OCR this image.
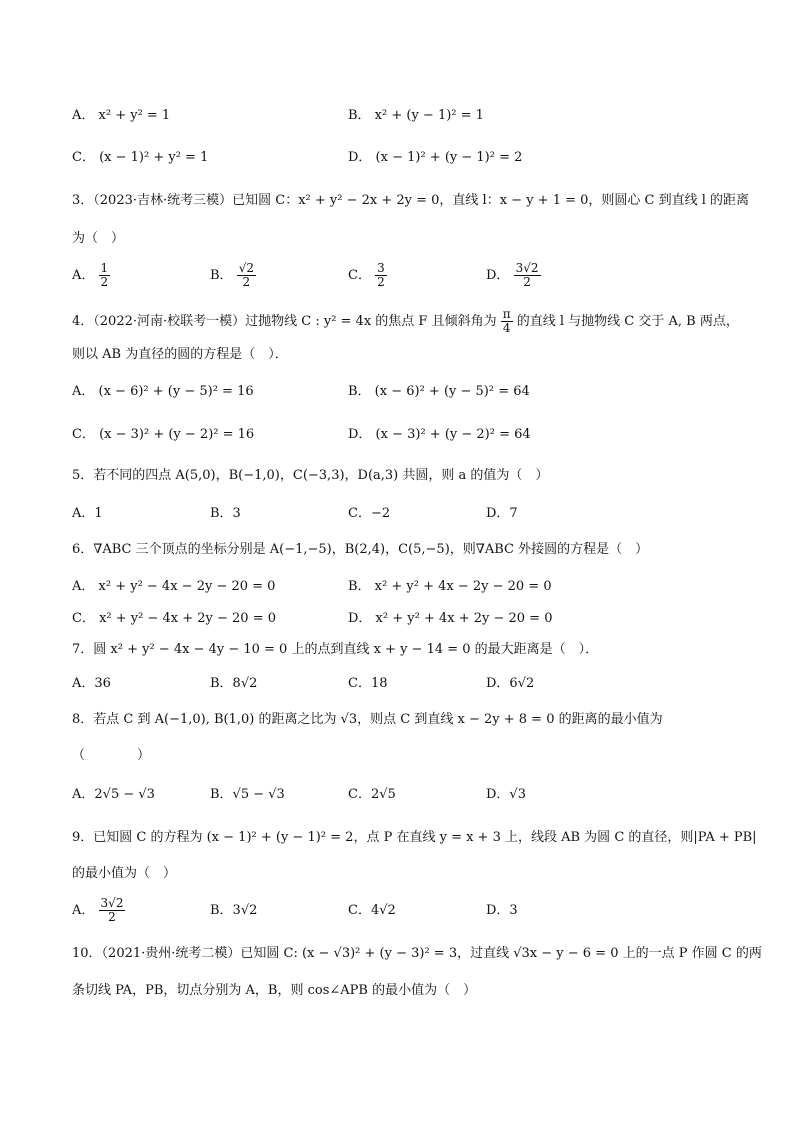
A． x² + y² = 1	B． x² + (y − 1)² = 1
C． (x − 1)² + y² = 1	D． (x − 1)² + (y − 1)² = 2
3．（2023·吉林·统考三模）已知圆 C：x² + y² − 2x + 2y = 0，直线 l：x − y + 1 = 0，则圆心 C 到直线 l 的距离
为（　）
A． $\frac{1}{2}$	B． $\frac{√2}{2}$	C． $\frac{3}{2}$	D． $\frac{3√2}{2}$
4．（2022·河南·校联考一模）过抛物线 C : y² = 4x 的焦点 F 且倾斜角为 $\frac{\pi}{4}$ 的直线 l 与抛物线 C 交于 A, B 两点，
则以 AB 为直径的圆的方程是（　）．
A． (x − 6)² + (y − 5)² = 16	B． (x − 6)² + (y − 5)² = 64
C． (x − 3)² + (y − 2)² = 16	D． (x − 3)² + (y − 2)² = 64
5．若不同的四点 A(5,0)，B(−1,0)，C(−3,3)，D(a,3) 共圆，则 a 的值为（　）
A．1	B．3	C．−2	D．7
6．∇ABC 三个顶点的坐标分别是 A(−1,−5)，B(2,4)，C(5,−5)，则∇ABC 外接圆的方程是（　）
A． x² + y² − 4x − 2y − 20 = 0	B． x² + y² + 4x − 2y − 20 = 0
C． x² + y² − 4x + 2y − 20 = 0	D． x² + y² + 4x + 2y − 20 = 0
7．圆 x² + y² − 4x − 4y − 10 = 0 上的点到直线 x + y − 14 = 0 的最大距离是（　）．
A．36	B．8√2	C．18	D．6√2
8．若点 C 到 A(−1,0), B(1,0) 的距离之比为 √3，则点 C 到直线 x − 2y + 8 = 0 的距离的最小值为
（　　　　）
A．2√5 − √3	B．√5 − √3	C．2√5	D．√3
9．已知圆 C 的方程为 (x − 1)² + (y − 1)² = 2，点 P 在直线 y = x + 3 上，线段 AB 为圆 C 的直径，则|PA + PB|
的最小值为（　）
A． $\frac{3√2}{2}$	B．3√2	C．4√2	D．3
10．（2021·贵州·统考二模）已知圆 C: (x − √3)² + (y − 3)² = 3，过直线 √3x − y − 6 = 0 上的一点 P 作圆 C 的两
条切线 PA，PB，切点分别为 A，B，则 cos∠APB 的最小值为（　）
